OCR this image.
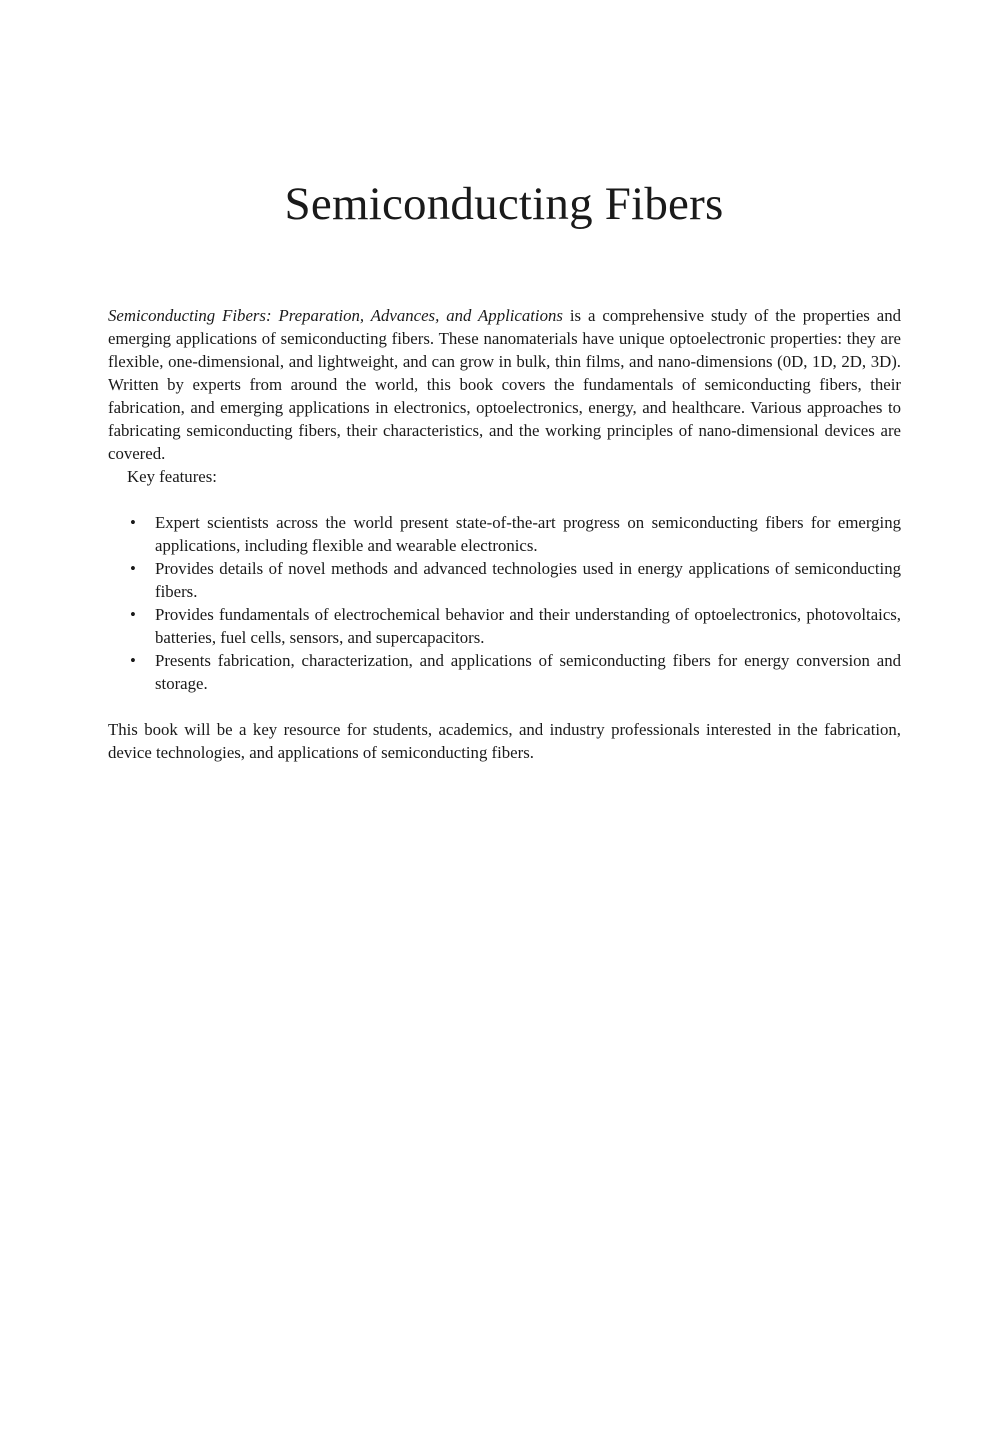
Semiconducting Fibers

Semiconducting Fibers: Preparation, Advances, and Applications is a comprehensive study of the properties and emerging applications of semiconducting fibers. These nanomaterials have unique optoelectronic properties: they are flexible, one-dimensional, and lightweight, and can grow in bulk, thin films, and nano-dimensions (0D, 1D, 2D, 3D). Written by experts from around the world, this book covers the fundamentals of semiconducting fibers, their fabrication, and emerging applications in electronics, optoelectronics, energy, and healthcare. Various approaches to fabricating semiconducting fibers, their characteristics, and the working principles of nano-dimensional devices are covered.

Key features:

• Expert scientists across the world present state-of-the-art progress on semiconducting fibers for emerging applications, including flexible and wearable electronics.
• Provides details of novel methods and advanced technologies used in energy applications of semiconducting fibers.
• Provides fundamentals of electrochemical behavior and their understanding of optoelectronics, photovoltaics, batteries, fuel cells, sensors, and supercapacitors.
• Presents fabrication, characterization, and applications of semiconducting fibers for energy conversion and storage.

This book will be a key resource for students, academics, and industry professionals interested in the fabrication, device technologies, and applications of semiconducting fibers.
